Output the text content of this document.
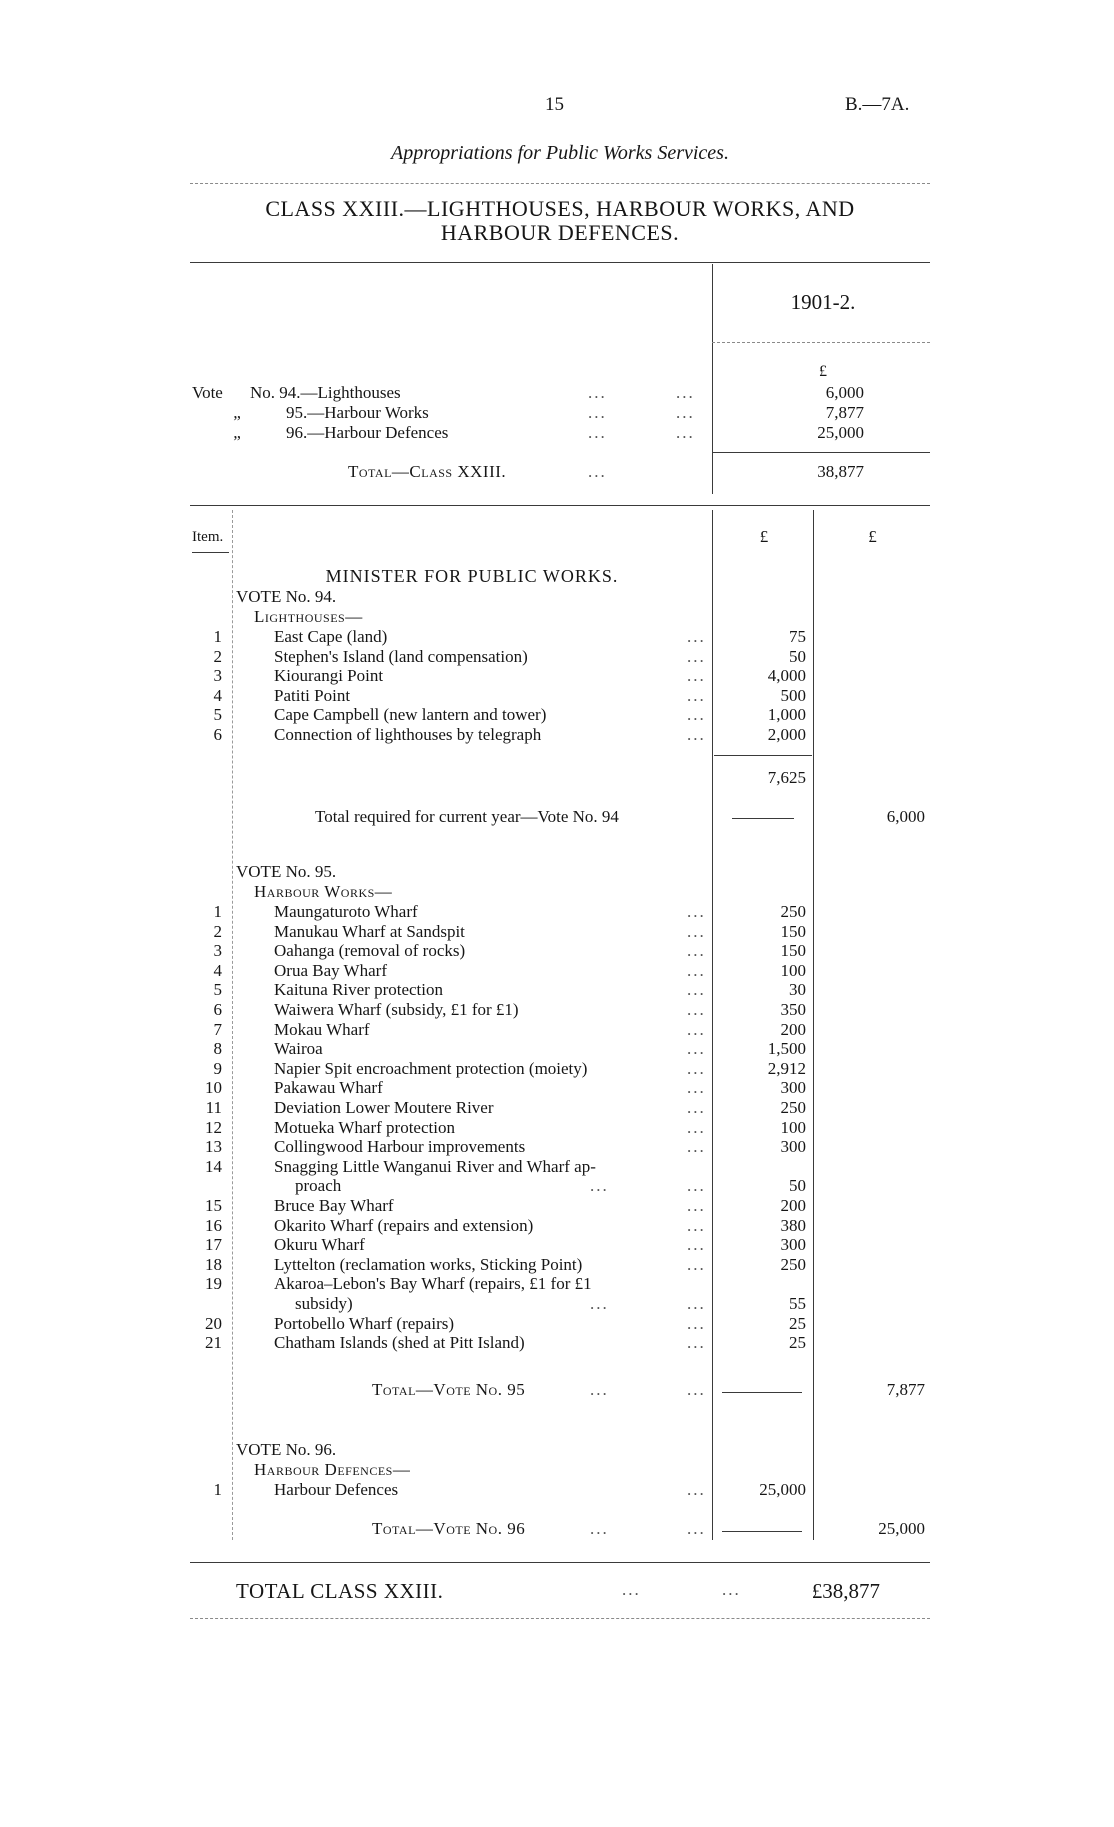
15	B.—7A.
Appropriations for Public Works Services.
CLASS XXIII.—LIGHTHOUSES, HARBOUR WORKS, AND
HARBOUR DEFENCES.
1901-2.
£
Vote No. 94.—Lighthouses	...	...	6,000
„	95.—Harbour Works	...	...	7,877
„	96.—Harbour Defences	...	...	25,000
Total—Class XXIII.	...	38,877
Item.	£	£
MINISTER FOR PUBLIC WORKS.
VOTE No. 94.
Lighthouses—
1	East Cape (land)	...	75
2	Stephen's Island (land compensation)	...	50
3	Kiourangi Point	...	4,000
4	Patiti Point	...	500
5	Cape Campbell (new lantern and tower)	...	1,000
6	Connection of lighthouses by telegraph	...	2,000
7,625
Total required for current year—Vote No. 94	6,000
VOTE No. 95.
Harbour Works—
1	Maungaturoto Wharf	...	250
2	Manukau Wharf at Sandspit	...	150
3	Oahanga (removal of rocks)	...	150
4	Orua Bay Wharf	...	100
5	Kaituna River protection	...	30
6	Waiwera Wharf (subsidy, £1 for £1)	...	350
7	Mokau Wharf	...	200
8	Wairoa	...	1,500
9	Napier Spit encroachment protection (moiety)	...	2,912
10	Pakawau Wharf	...	300
11	Deviation Lower Moutere River	...	250
12	Motueka Wharf protection	...	100
13	Collingwood Harbour improvements	...	300
14	Snagging Little Wanganui River and Wharf ap-
proach	...	...	50
15	Bruce Bay Wharf	...	200
16	Okarito Wharf (repairs and extension)	...	380
17	Okuru Wharf	...	300
18	Lyttelton (reclamation works, Sticking Point)	...	250
19	Akaroa–Lebon's Bay Wharf (repairs, £1 for £1
subsidy)	...	...	55
20	Portobello Wharf (repairs)	...	25
21	Chatham Islands (shed at Pitt Island)	...	25
Total—Vote No. 95	...	...	7,877
VOTE No. 96.
Harbour Defences—
1	Harbour Defences	...	25,000
Total—Vote No. 96	...	...	25,000
TOTAL CLASS XXIII.	...	...	£38,877
